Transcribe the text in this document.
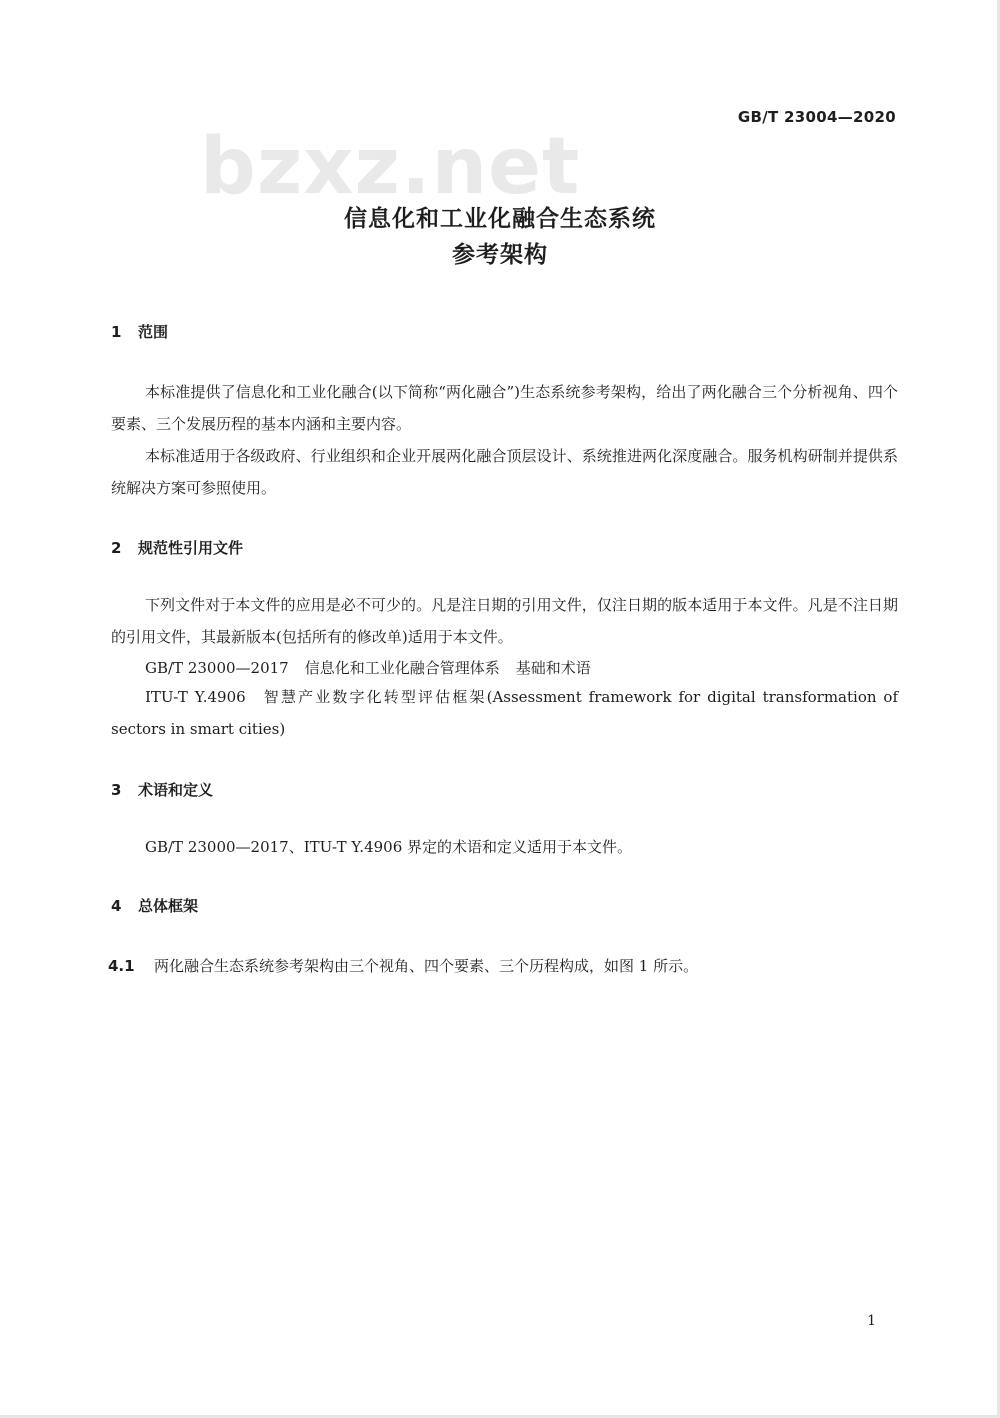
GB/T 23004—2020
bzxz.net
信息化和工业化融合生态系统
参考架构
1 范围
本标准提供了信息化和工业化融合(以下简称“两化融合”)生态系统参考架构，给出了两化融合三个分析视角、四个要素、三个发展历程的基本内涵和主要内容。
本标准适用于各级政府、行业组织和企业开展两化融合顶层设计、系统推进两化深度融合。服务机构研制并提供系统解决方案可参照使用。
2 规范性引用文件
下列文件对于本文件的应用是必不可少的。凡是注日期的引用文件，仅注日期的版本适用于本文件。凡是不注日期的引用文件，其最新版本(包括所有的修改单)适用于本文件。
GB/T 23000—2017 信息化和工业化融合管理体系 基础和术语
ITU-T Y.4906 智慧产业数字化转型评估框架(Assessment framework for digital transformation of sectors in smart cities)
3 术语和定义
GB/T 23000—2017、ITU-T Y.4906 界定的术语和定义适用于本文件。
4 总体框架
4.1 两化融合生态系统参考架构由三个视角、四个要素、三个历程构成，如图 1 所示。
1
